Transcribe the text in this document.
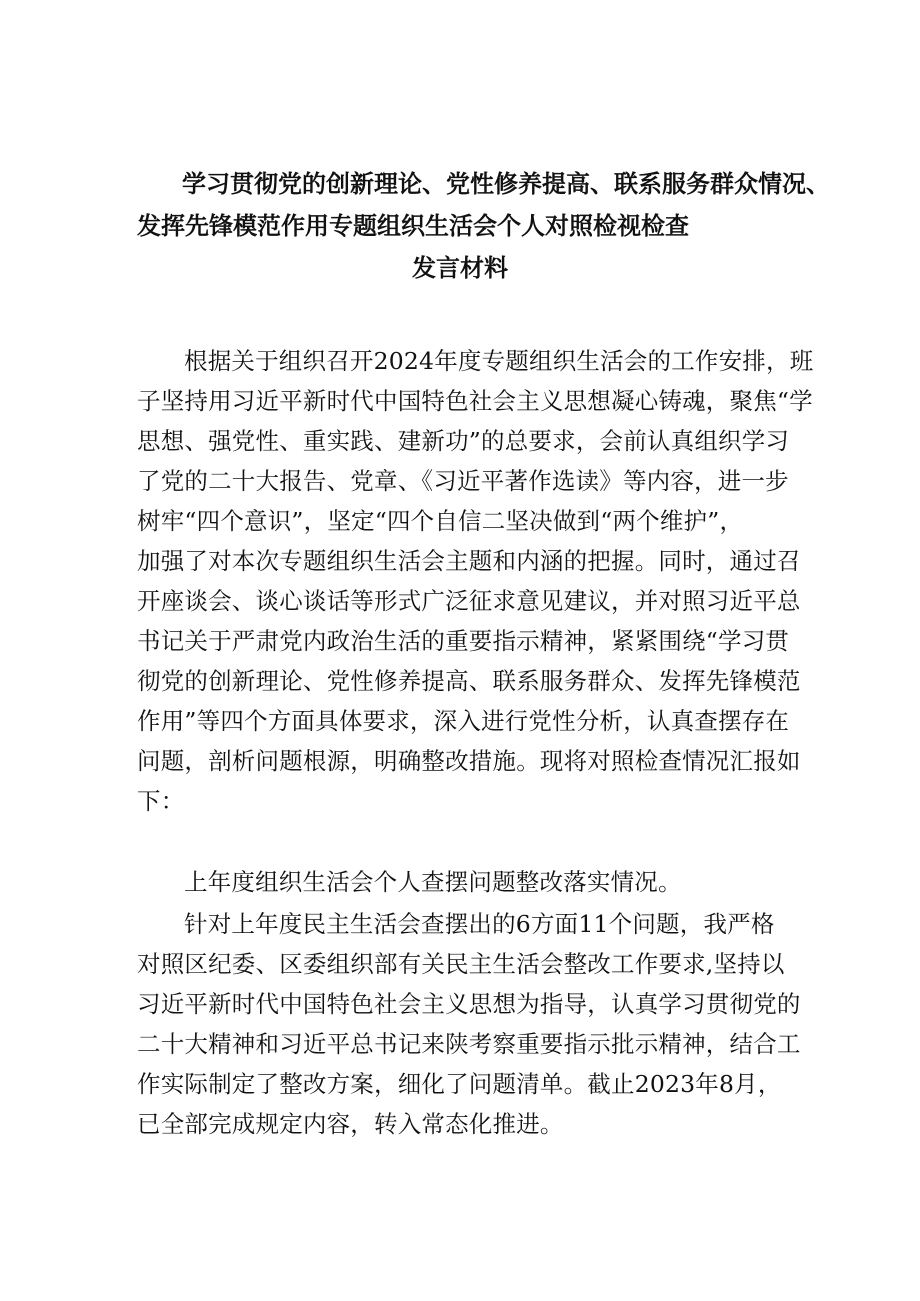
学习贯彻党的创新理论、党性修养提高、联系服务群众情况、
发挥先锋模范作用专题组织生活会个人对照检视检查
发言材料
根据关于组织召开2024年度专题组织生活会的工作安排，班
子坚持用习近平新时代中国特色社会主义思想凝心铸魂，聚焦“学
思想、强党性、重实践、建新功”的总要求，会前认真组织学习
了党的二十大报告、党章、《习近平著作选读》等内容，进一步
树牢“四个意识”，坚定“四个自信二坚决做到“两个维护”，
加强了对本次专题组织生活会主题和内涵的把握。同时，通过召
开座谈会、谈心谈话等形式广泛征求意见建议，并对照习近平总
书记关于严肃党内政治生活的重要指示精神，紧紧围绕“学习贯
彻党的创新理论、党性修养提高、联系服务群众、发挥先锋模范
作用”等四个方面具体要求，深入进行党性分析，认真查摆存在
问题，剖析问题根源，明确整改措施。现将对照检查情况汇报如
下：
上年度组织生活会个人查摆问题整改落实情况。
针对上年度民主生活会查摆出的6方面11个问题，我严格
对照区纪委、区委组织部有关民主生活会整改工作要求,坚持以
习近平新时代中国特色社会主义思想为指导，认真学习贯彻党的
二十大精神和习近平总书记来陕考察重要指示批示精神，结合工
作实际制定了整改方案，细化了问题清单。截止2023年8月，
已全部完成规定内容，转入常态化推进。
